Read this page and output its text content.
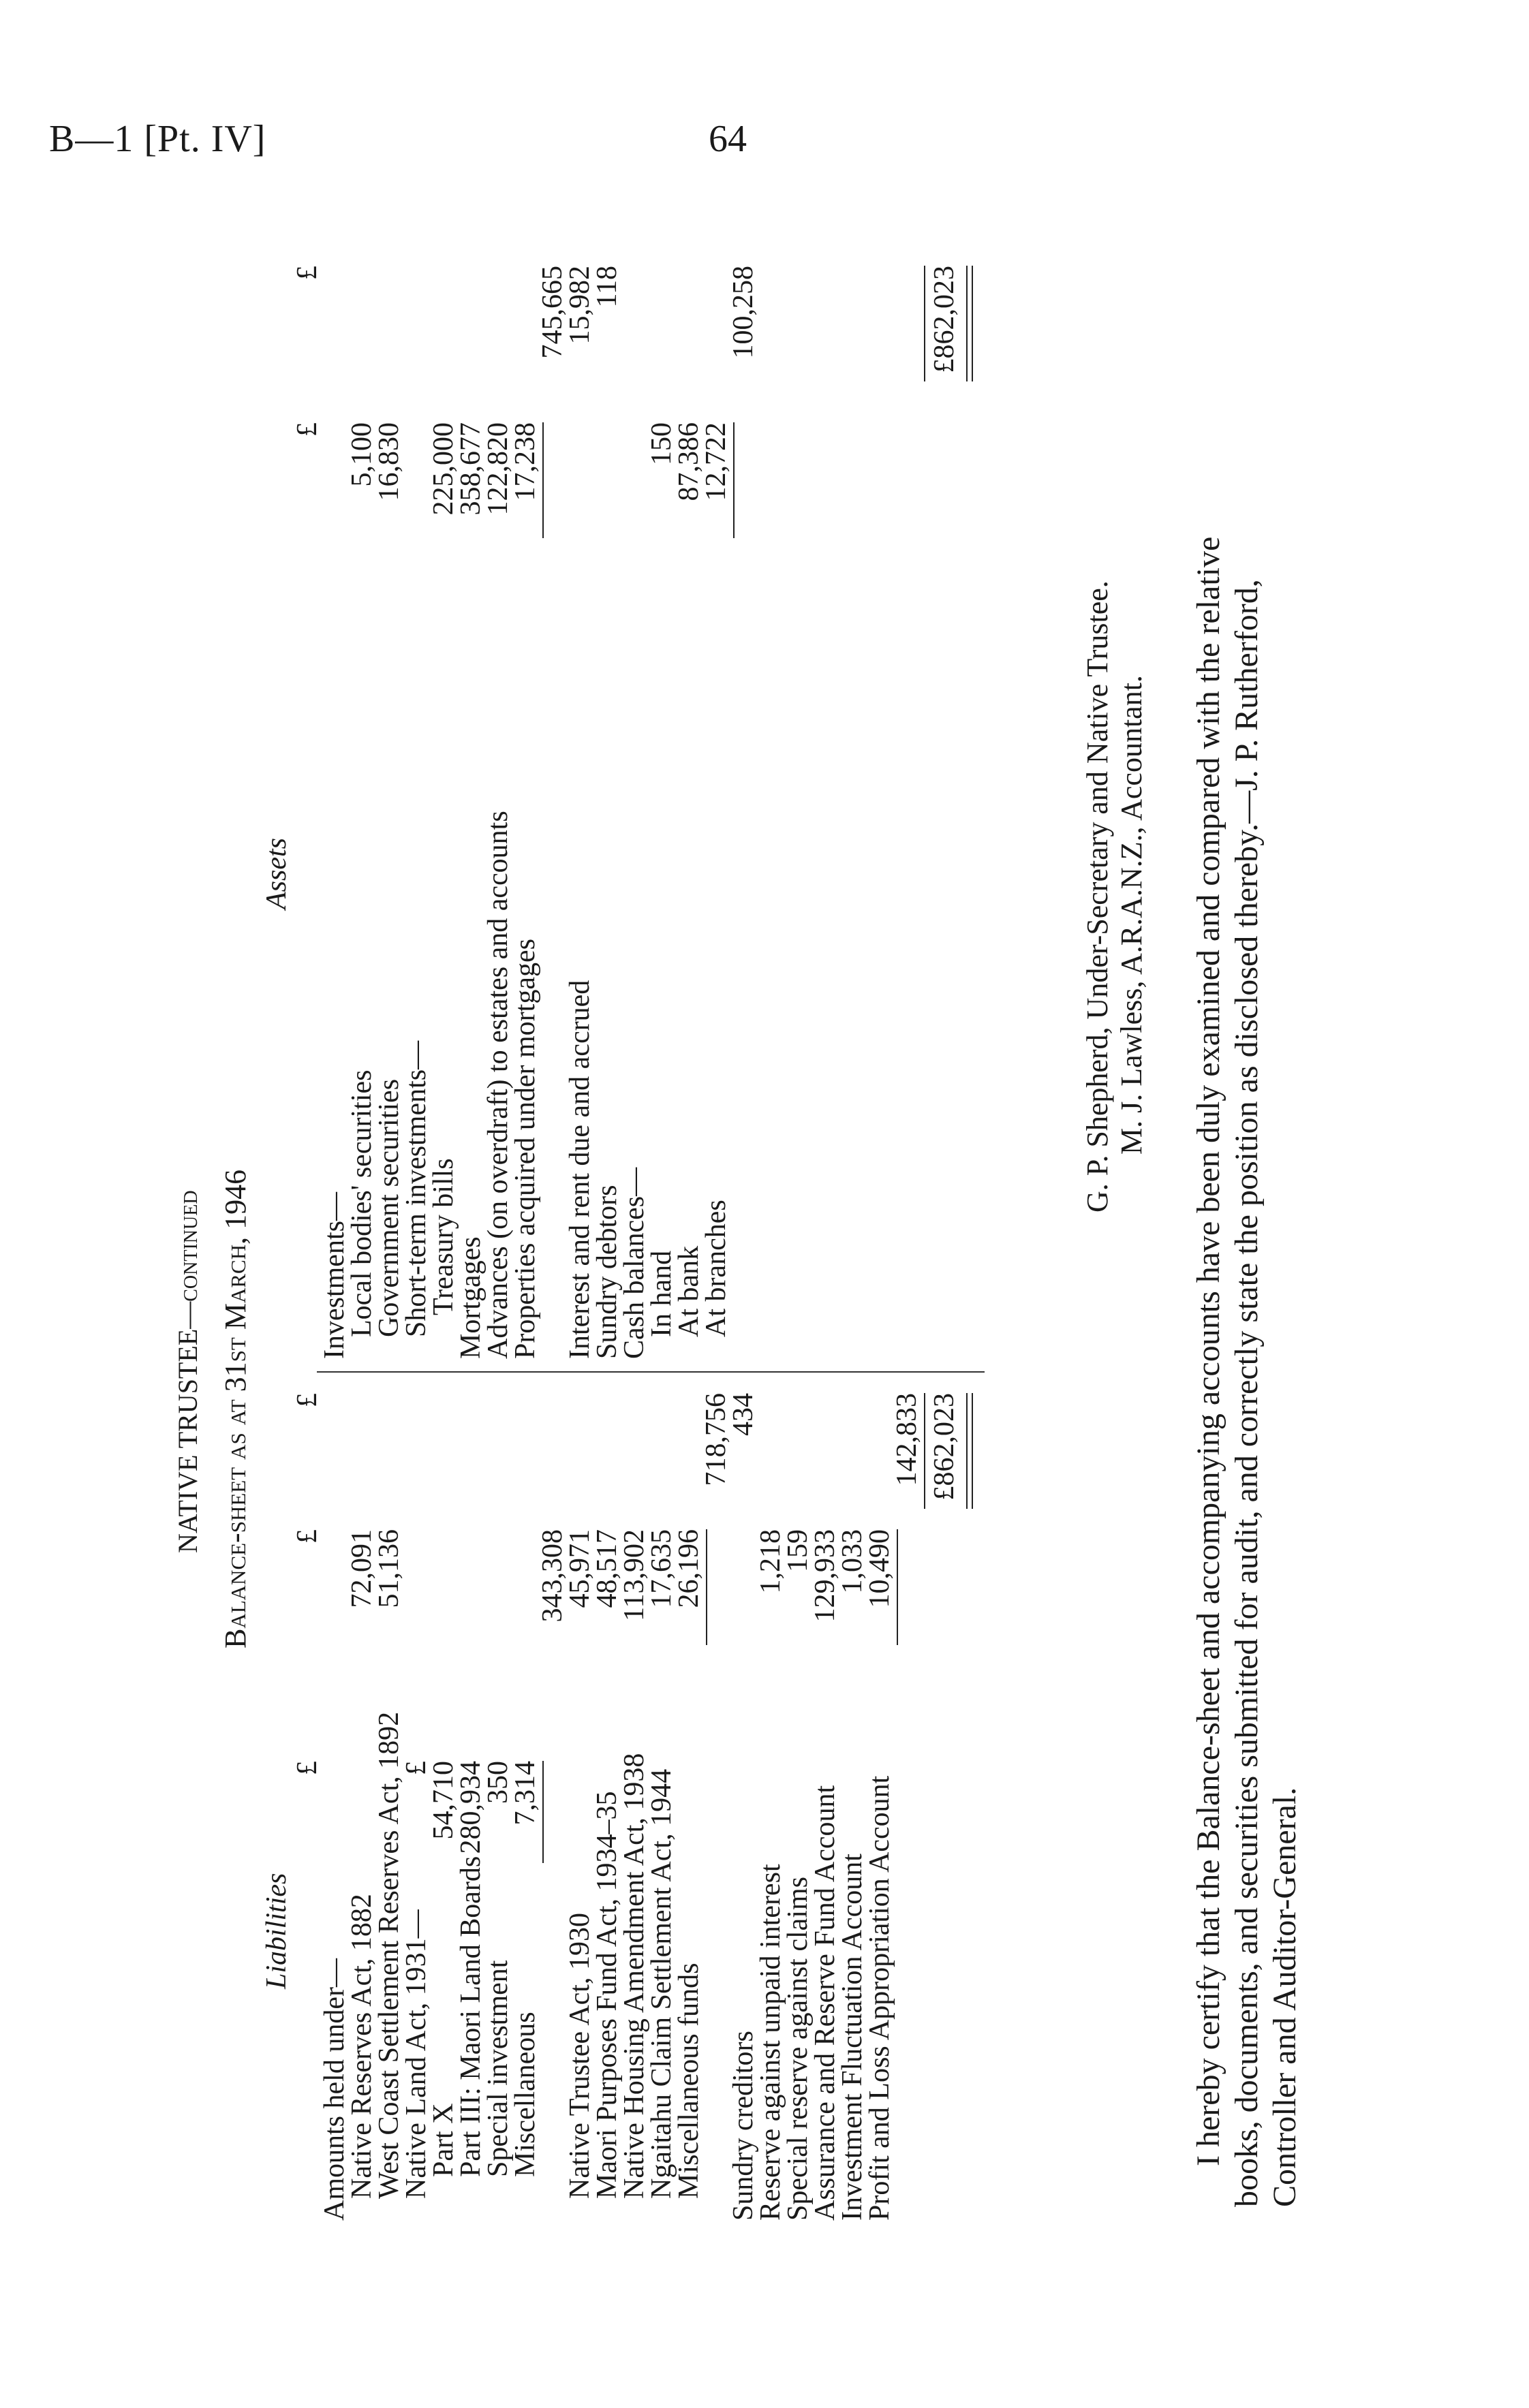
B—1 [Pt. IV]	64
NATIVE TRUSTEE—continued Balance-sheet as at 31st March, 1946
Liabilities
£
£
£
Amounts held under—
Native Reserves Act, 1882
72,091
West Coast Settlement Reserves Act, 1892
51,136
Native Land Act, 1931—
£
Part X
54,710
Part III: Maori Land Boards
280,934
Special investment
350
Miscellaneous
7,314
343,308
Native Trustee Act, 1930
45,971
Maori Purposes Fund Act, 1934–35
48,517
Native Housing Amendment Act, 1938
113,902
Ngaitahu Claim Settlement Act, 1944
17,635
Miscellaneous funds
26,196
718,756
Sundry creditors
434
Reserve against unpaid interest
1,218
Special reserve against claims
159
Assurance and Reserve Fund Account
129,933
Investment Fluctuation Account
1,033
Profit and Loss Appropriation Account
10,490
142,833 £862,023
Assets
£
£
Investments—
Local bodies' securities
5,100
Government securities
16,830
Short-term investments—
Treasury bills
225,000
Mortgages
358,677
Advances (on overdraft) to estates and accounts
122,820
Properties acquired under mortgages
17,238
745,665
Interest and rent due and accrued
15,982
Sundry debtors
118
Cash balances—
In hand
150
At bank
87,386
At branches
12,722
100,258	£862,023
G. P. Shepherd, Under-Secretary and Native Trustee. M. J. Lawless, A.R.A.N.Z., Accountant. I hereby certify that the Balance-sheet and accompanying accounts have been duly examined and compared with the relative books, documents, and securities submitted for audit, and correctly state the position as disclosed thereby.—J. P. Rutherford, Controller and Auditor-General.
